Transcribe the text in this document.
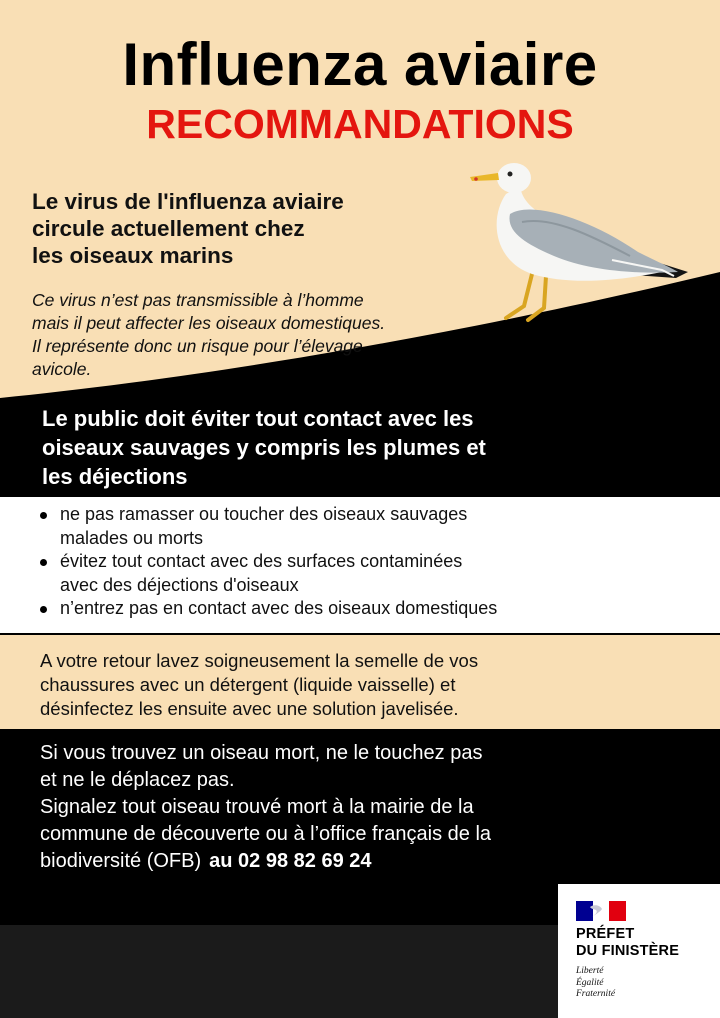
Influenza aviaire
RECOMMANDATIONS
Le virus de l'influenza aviaire
circule actuellement chez
les oiseaux marins
Ce virus n’est pas transmissible à l’homme
mais il peut affecter les oiseaux domestiques.
Il représente donc un risque pour l’élevage
avicole.
Le public doit éviter tout contact avec les
oiseaux sauvages y compris les plumes et
les déjections
ne pas ramasser ou toucher des oiseaux sauvages
malades ou morts
évitez tout contact avec des surfaces contaminées
avec des déjections d'oiseaux
n’entrez pas en contact avec des oiseaux domestiques
A votre retour lavez soigneusement la semelle de vos
chaussures avec un détergent (liquide vaisselle) et
désinfectez les ensuite avec une solution javelisée.
Si vous trouvez un oiseau mort, ne le touchez pas
et ne le déplacez pas.
Signalez tout oiseau trouvé mort à la mairie de la
commune de découverte ou à l’office français de la
biodiversité (OFB) au 02 98 82 69 24
PRÉFET
DU FINISTÈRE
Liberté
Égalité
Fraternité
